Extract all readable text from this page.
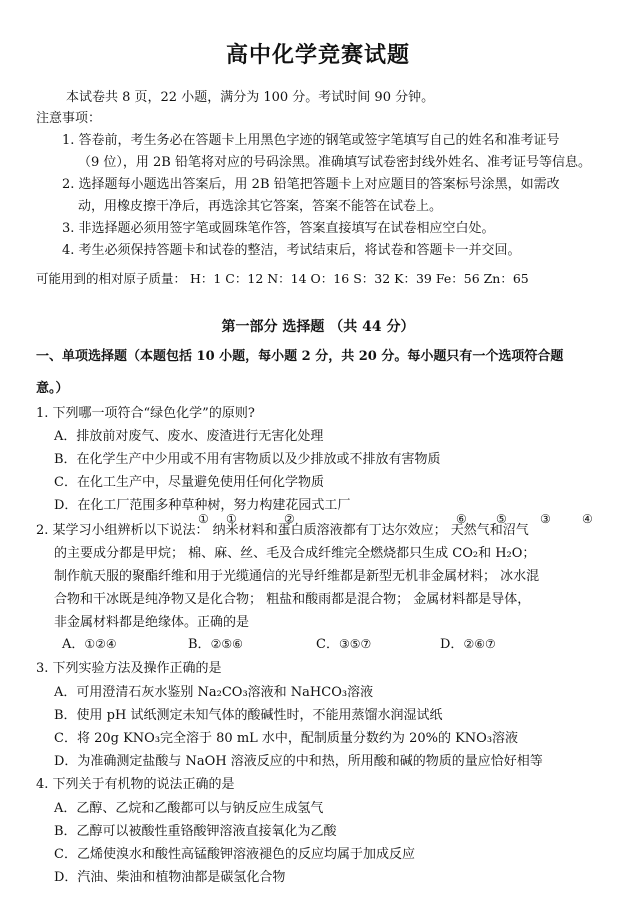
高中化学竞赛试题
本试卷共 8 页，22 小题，满分为 100 分。考试时间 90 分钟。
注意事项：
1. 答卷前，考生务必在答题卡上用黑色字迹的钢笔或签字笔填写自己的姓名和准考证号
（9 位），用 2B 铅笔将对应的号码涂黑。准确填写试卷密封线外姓名、准考证号等信息。
2. 选择题每小题选出答案后，用 2B 铅笔把答题卡上对应题目的答案标号涂黑，如需改
动，用橡皮擦干净后，再选涂其它答案，答案不能答在试卷上。
3. 非选择题必须用签字笔或圆珠笔作答，答案直接填写在试卷相应空白处。
4. 考生必须保持答题卡和试卷的整洁，考试结束后，将试卷和答题卡一并交回。
可能用到的相对原子质量： H：1 C：12 N：14 O：16 S：32 K：39 Fe：56 Zn：65
第一部分 选择题 （共 44 分）
一、单项选择题（本题包括 10 小题，每小题 2 分，共 20 分。每小题只有一个选项符合题
意。）
1. 下列哪一项符合“绿色化学”的原则?
A．排放前对废气、废水、废渣进行无害化处理
B．在化学生产中少用或不用有害物质以及少排放或不排放有害物质
C．在化工生产中，尽量避免使用任何化学物质
D．在化工厂范围多种草种树，努力构建花园式工厂
① ①	②	⑥ ⑤	③	④
2. 某学习小组辨析以下说法： 纳米材料和蛋白质溶液都有丁达尔效应； 天然气和沼气
的主要成分都是甲烷； 棉、麻、丝、毛及合成纤维完全燃烧都只生成 CO₂和 H₂O；
制作航天服的聚酯纤维和用于光缆通信的光导纤维都是新型无机非金属材料； 冰水混
合物和干冰既是纯净物又是化合物； 粗盐和酸雨都是混合物； 金属材料都是导体，
非金属材料都是绝缘体。正确的是
A．①②④	B．②⑤⑥	C．③⑤⑦	D．②⑥⑦
3. 下列实验方法及操作正确的是
A．可用澄清石灰水鉴别 Na₂CO₃溶液和 NaHCO₃溶液
B．使用 pH 试纸测定未知气体的酸碱性时，不能用蒸馏水润湿试纸
C．将 20g KNO₃完全溶于 80 mL 水中，配制质量分数约为 20%的 KNO₃溶液
D．为准确测定盐酸与 NaOH 溶液反应的中和热，所用酸和碱的物质的量应恰好相等
4. 下列关于有机物的说法正确的是
A．乙醇、乙烷和乙酸都可以与钠反应生成氢气
B．乙醇可以被酸性重铬酸钾溶液直接氧化为乙酸
C．乙烯使溴水和酸性高锰酸钾溶液褪色的反应均属于加成反应
D．汽油、柴油和植物油都是碳氢化合物
